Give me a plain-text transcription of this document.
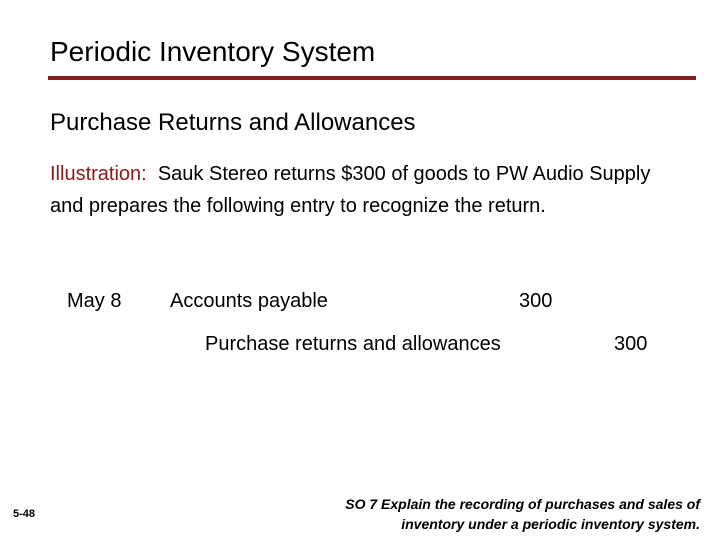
Periodic Inventory System
Purchase Returns and Allowances
Illustration: Sauk Stereo returns $300 of goods to PW Audio Supply and prepares the following entry to recognize the return.
May 8 Accounts payable	300
Purchase returns and allowances	300
5-48
SO 7 Explain the recording of purchases and sales of
inventory under a periodic inventory system.
